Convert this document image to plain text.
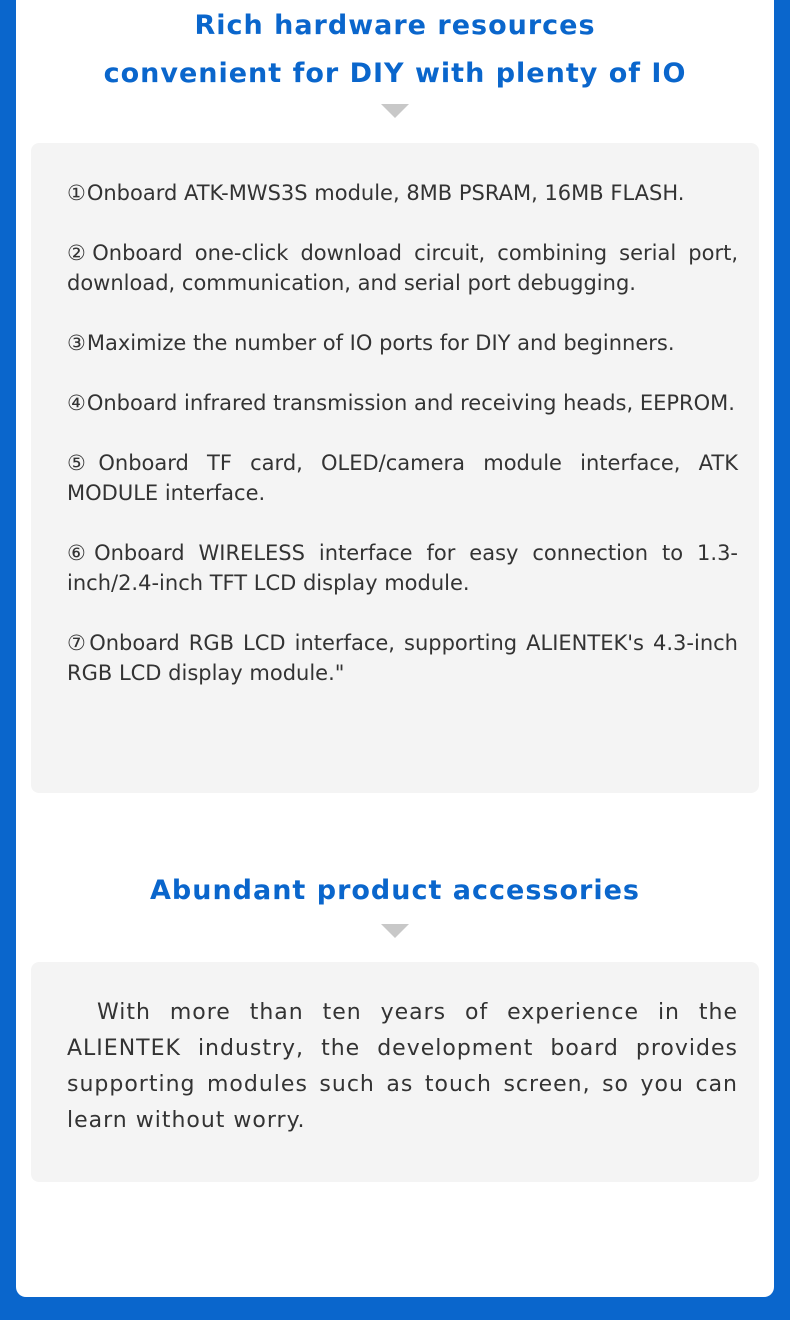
Rich hardware resources
convenient for DIY with plenty of IO

①Onboard ATK-MWS3S module, 8MB PSRAM, 16MB FLASH.

②Onboard one-click download circuit, combining serial port, download, communication, and serial port debugging.

③Maximize the number of IO ports for DIY and beginners.

④Onboard infrared transmission and receiving heads, EEPROM.

⑤Onboard TF card, OLED/camera module interface, ATK MODULE interface.

⑥Onboard WIRELESS interface for easy connection to 1.3-inch/2.4-inch TFT LCD display module.

⑦Onboard RGB LCD interface, supporting ALIENTEK's 4.3-inch RGB LCD display module."

Abundant product accessories

With more than ten years of experience in the ALIENTEK industry, the development board provides supporting modules such as touch screen, so you can learn without worry.
